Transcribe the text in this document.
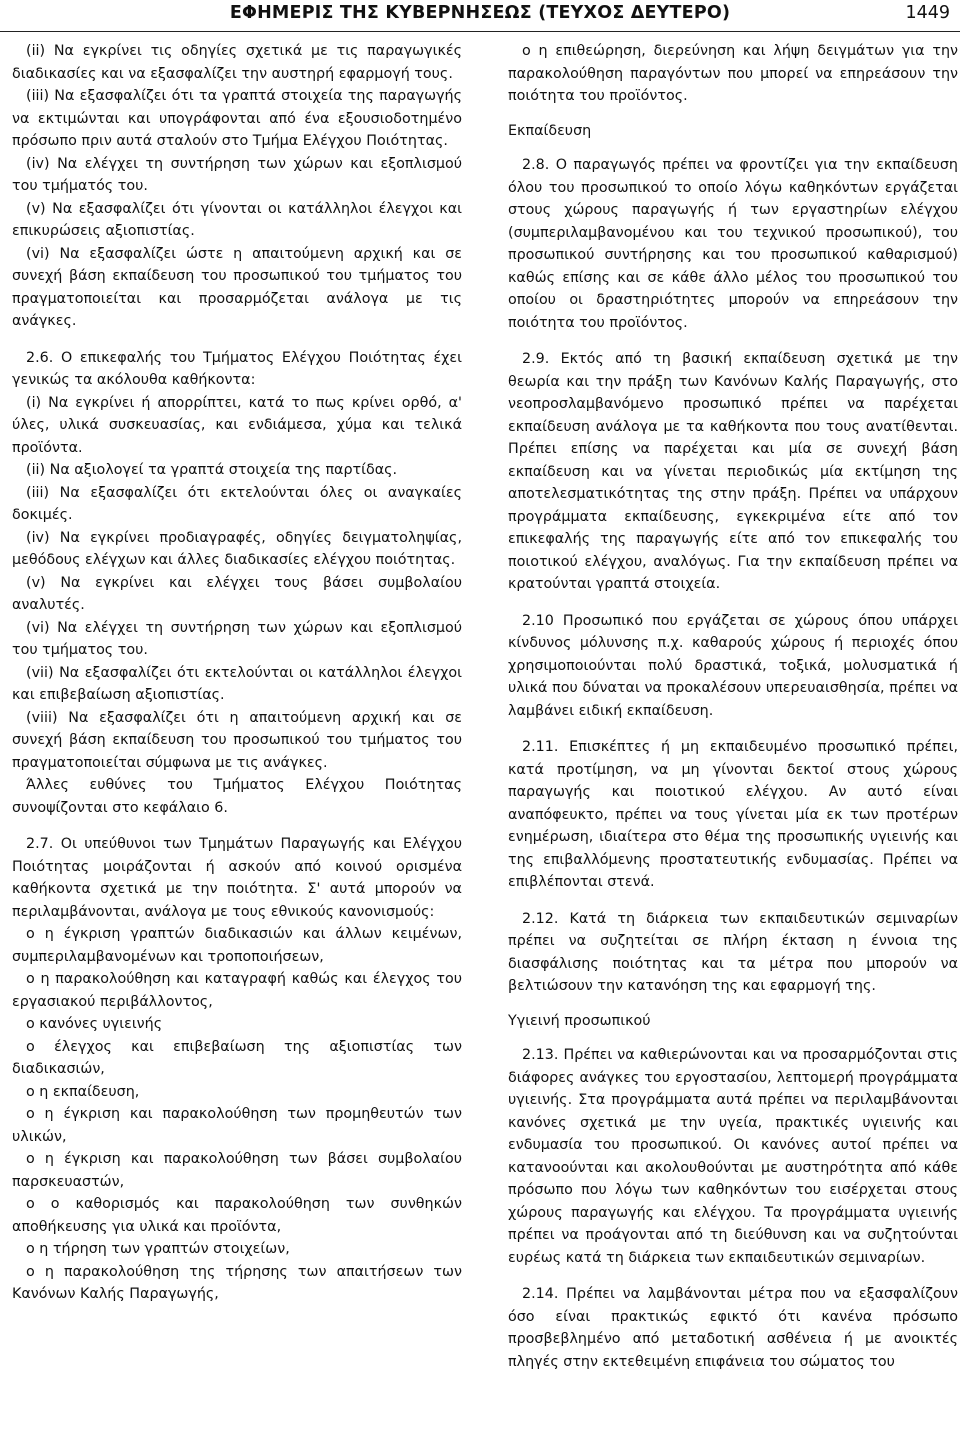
ΕΦΗΜΕΡΙΣ ΤΗΣ ΚΥΒΕΡΝΗΣΕΩΣ (ΤΕΥΧΟΣ ΔΕΥΤΕΡΟ)	1449

(ii) Να εγκρίνει τις οδηγίες σχετικά με τις παραγωγικές διαδικασίες και να εξασφαλίζει την αυστηρή εφαρμογή τους.

(iii) Να εξασφαλίζει ότι τα γραπτά στοιχεία της παραγωγής να εκτιμώνται και υπογράφονται από ένα εξουσιοδοτημένο πρόσωπο πριν αυτά σταλούν στο Τμήμα Ελέγχου Ποιότητας.

(iv) Να ελέγχει τη συντήρηση των χώρων και εξοπλισμού του τμήματός του.

(v) Να εξασφαλίζει ότι γίνονται οι κατάλληλοι έλεγχοι και επικυρώσεις αξιοπιστίας.

(vi) Να εξασφαλίζει ώστε η απαιτούμενη αρχική και σε συνεχή βάση εκπαίδευση του προσωπικού του τμήματος του πραγματοποιείται και προσαρμόζεται ανάλογα με τις ανάγκες.

2.6. Ο επικεφαλής του Τμήματος Ελέγχου Ποιότητας έχει γενικώς τα ακόλουθα καθήκοντα:

(i) Να εγκρίνει ή απορρίπτει, κατά το πως κρίνει ορθό, α' ύλες, υλικά συσκευασίας, και ενδιάμεσα, χύμα και τελικά προϊόντα.

(ii) Να αξιολογεί τα γραπτά στοιχεία της παρτίδας.

(iii) Να εξασφαλίζει ότι εκτελούνται όλες οι αναγκαίες δοκιμές.

(iv) Να εγκρίνει προδιαγραφές, οδηγίες δειγματοληψίας, μεθόδους ελέγχων και άλλες διαδικασίες ελέγχου ποιότητας.

(v) Να εγκρίνει και ελέγχει τους βάσει συμβολαίου αναλυτές.

(vi) Να ελέγχει τη συντήρηση των χώρων και εξοπλισμού του τμήματος του.

(vii) Να εξασφαλίζει ότι εκτελούνται οι κατάλληλοι έλεγχοι και επιβεβαίωση αξιοπιστίας.

(viii) Να εξασφαλίζει ότι η απαιτούμενη αρχική και σε συνεχή βάση εκπαίδευση του προσωπικού του τμήματος του πραγματοποιείται σύμφωνα με τις ανάγκες.

Άλλες ευθύνες του Τμήματος Ελέγχου Ποιότητας συνοψίζονται στο κεφάλαιο 6.

2.7. Οι υπεύθυνοι των Τμημάτων Παραγωγής και Ελέγχου Ποιότητας μοιράζονται ή ασκούν από κοινού ορισμένα καθήκοντα σχετικά με την ποιότητα. Σ' αυτά μπορούν να περιλαμβάνονται, ανάλογα με τους εθνικούς κανονισμούς:

ο η έγκριση γραπτών διαδικασιών και άλλων κειμένων, συμπεριλαμβανομένων και τροποποιήσεων,

ο η παρακολούθηση και καταγραφή καθώς και έλεγχος του εργασιακού περιβάλλοντος,

ο κανόνες υγιεινής

ο έλεγχος και επιβεβαίωση της αξιοπιστίας των διαδικασιών,

ο η εκπαίδευση,

ο η έγκριση και παρακολούθηση των προμηθευτών των υλικών,

ο η έγκριση και παρακολούθηση των βάσει συμβολαίου παρσκευαστών,

ο ο καθορισμός και παρακολούθηση των συνθηκών αποθήκευσης για υλικά και προϊόντα,

ο η τήρηση των γραπτών στοιχείων,

ο η παρακολούθηση της τήρησης των απαιτήσεων των Κανόνων Καλής Παραγωγής,

ο η επιθεώρηση, διερεύνηση και λήψη δειγμάτων για την παρακολούθηση παραγόντων που μπορεί να επηρεάσουν την ποιότητα του προϊόντος.

Εκπαίδευση

2.8. Ο παραγωγός πρέπει να φροντίζει για την εκπαίδευση όλου του προσωπικού το οποίο λόγω καθηκόντων εργάζεται στους χώρους παραγωγής ή των εργαστηρίων ελέγχου (συμπεριλαμβανομένου και του τεχνικού προσωπικού), του προσωπικού συντήρησης και του προσωπικού καθαρισμού) καθώς επίσης και σε κάθε άλλο μέλος του προσωπικού του οποίου οι δραστηριότητες μπορούν να επηρεάσουν την ποιότητα του προϊόντος.

2.9. Εκτός από τη βασική εκπαίδευση σχετικά με την θεωρία και την πράξη των Κανόνων Καλής Παραγωγής, στο νεοπροσλαμβανόμενο προσωπικό πρέπει να παρέχεται εκπαίδευση ανάλογα με τα καθήκοντα που τους ανατίθενται. Πρέπει επίσης να παρέχεται και μία σε συνεχή βάση εκπαίδευση και να γίνεται περιοδικώς μία εκτίμηση της αποτελεσματικότητας της στην πράξη. Πρέπει να υπάρχουν προγράμματα εκπαίδευσης, εγκεκριμένα είτε από τον επικεφαλής της παραγωγής είτε από τον επικεφαλής του ποιοτικού ελέγχου, αναλόγως. Για την εκπαίδευση πρέπει να κρατούνται γραπτά στοιχεία.

2.10 Προσωπικό που εργάζεται σε χώρους όπου υπάρχει κίνδυνος μόλυνσης π.χ. καθαρούς χώρους ή περιοχές όπου χρησιμοποιούνται πολύ δραστικά, τοξικά, μολυσματικά ή υλικά που δύναται να προκαλέσουν υπερευαισθησία, πρέπει να λαμβάνει ειδική εκπαίδευση.

2.11. Επισκέπτες ή μη εκπαιδευμένο προσωπικό πρέπει, κατά προτίμηση, να μη γίνονται δεκτοί στους χώρους παραγωγής και ποιοτικού ελέγχου. Αν αυτό είναι αναπόφευκτο, πρέπει να τους γίνεται μία εκ των προτέρων ενημέρωση, ιδιαίτερα στο θέμα της προσωπικής υγιεινής και της επιβαλλόμενης προστατευτικής ενδυμασίας. Πρέπει να επιβλέπονται στενά.

2.12. Κατά τη διάρκεια των εκπαιδευτικών σεμιναρίων πρέπει να συζητείται σε πλήρη έκταση η έννοια της διασφάλισης ποιότητας και τα μέτρα που μπορούν να βελτιώσουν την κατανόηση της και εφαρμογή της.

Υγιεινή προσωπικού

2.13. Πρέπει να καθιερώνονται και να προσαρμόζονται στις διάφορες ανάγκες του εργοστασίου, λεπτομερή προγράμματα υγιεινής. Στα προγράμματα αυτά πρέπει να περιλαμβάνονται κανόνες σχετικά με την υγεία, πρακτικές υγιεινής και ενδυμασία του προσωπικού. Οι κανόνες αυτοί πρέπει να κατανοούνται και ακολουθούνται με αυστηρότητα από κάθε πρόσωπο που λόγω των καθηκόντων του εισέρχεται στους χώρους παραγωγής και ελέγχου. Τα προγράμματα υγιεινής πρέπει να προάγονται από τη διεύθυνση και να συζητούνται ευρέως κατά τη διάρκεια των εκπαιδευτικών σεμιναρίων.

2.14. Πρέπει να λαμβάνονται μέτρα που να εξασφαλίζουν όσο είναι πρακτικώς εφικτό ότι κανένα πρόσωπο προσβεβλημένο από μεταδοτική ασθένεια ή με ανοικτές πληγές στην εκτεθειμένη επιφάνεια του σώματος του
